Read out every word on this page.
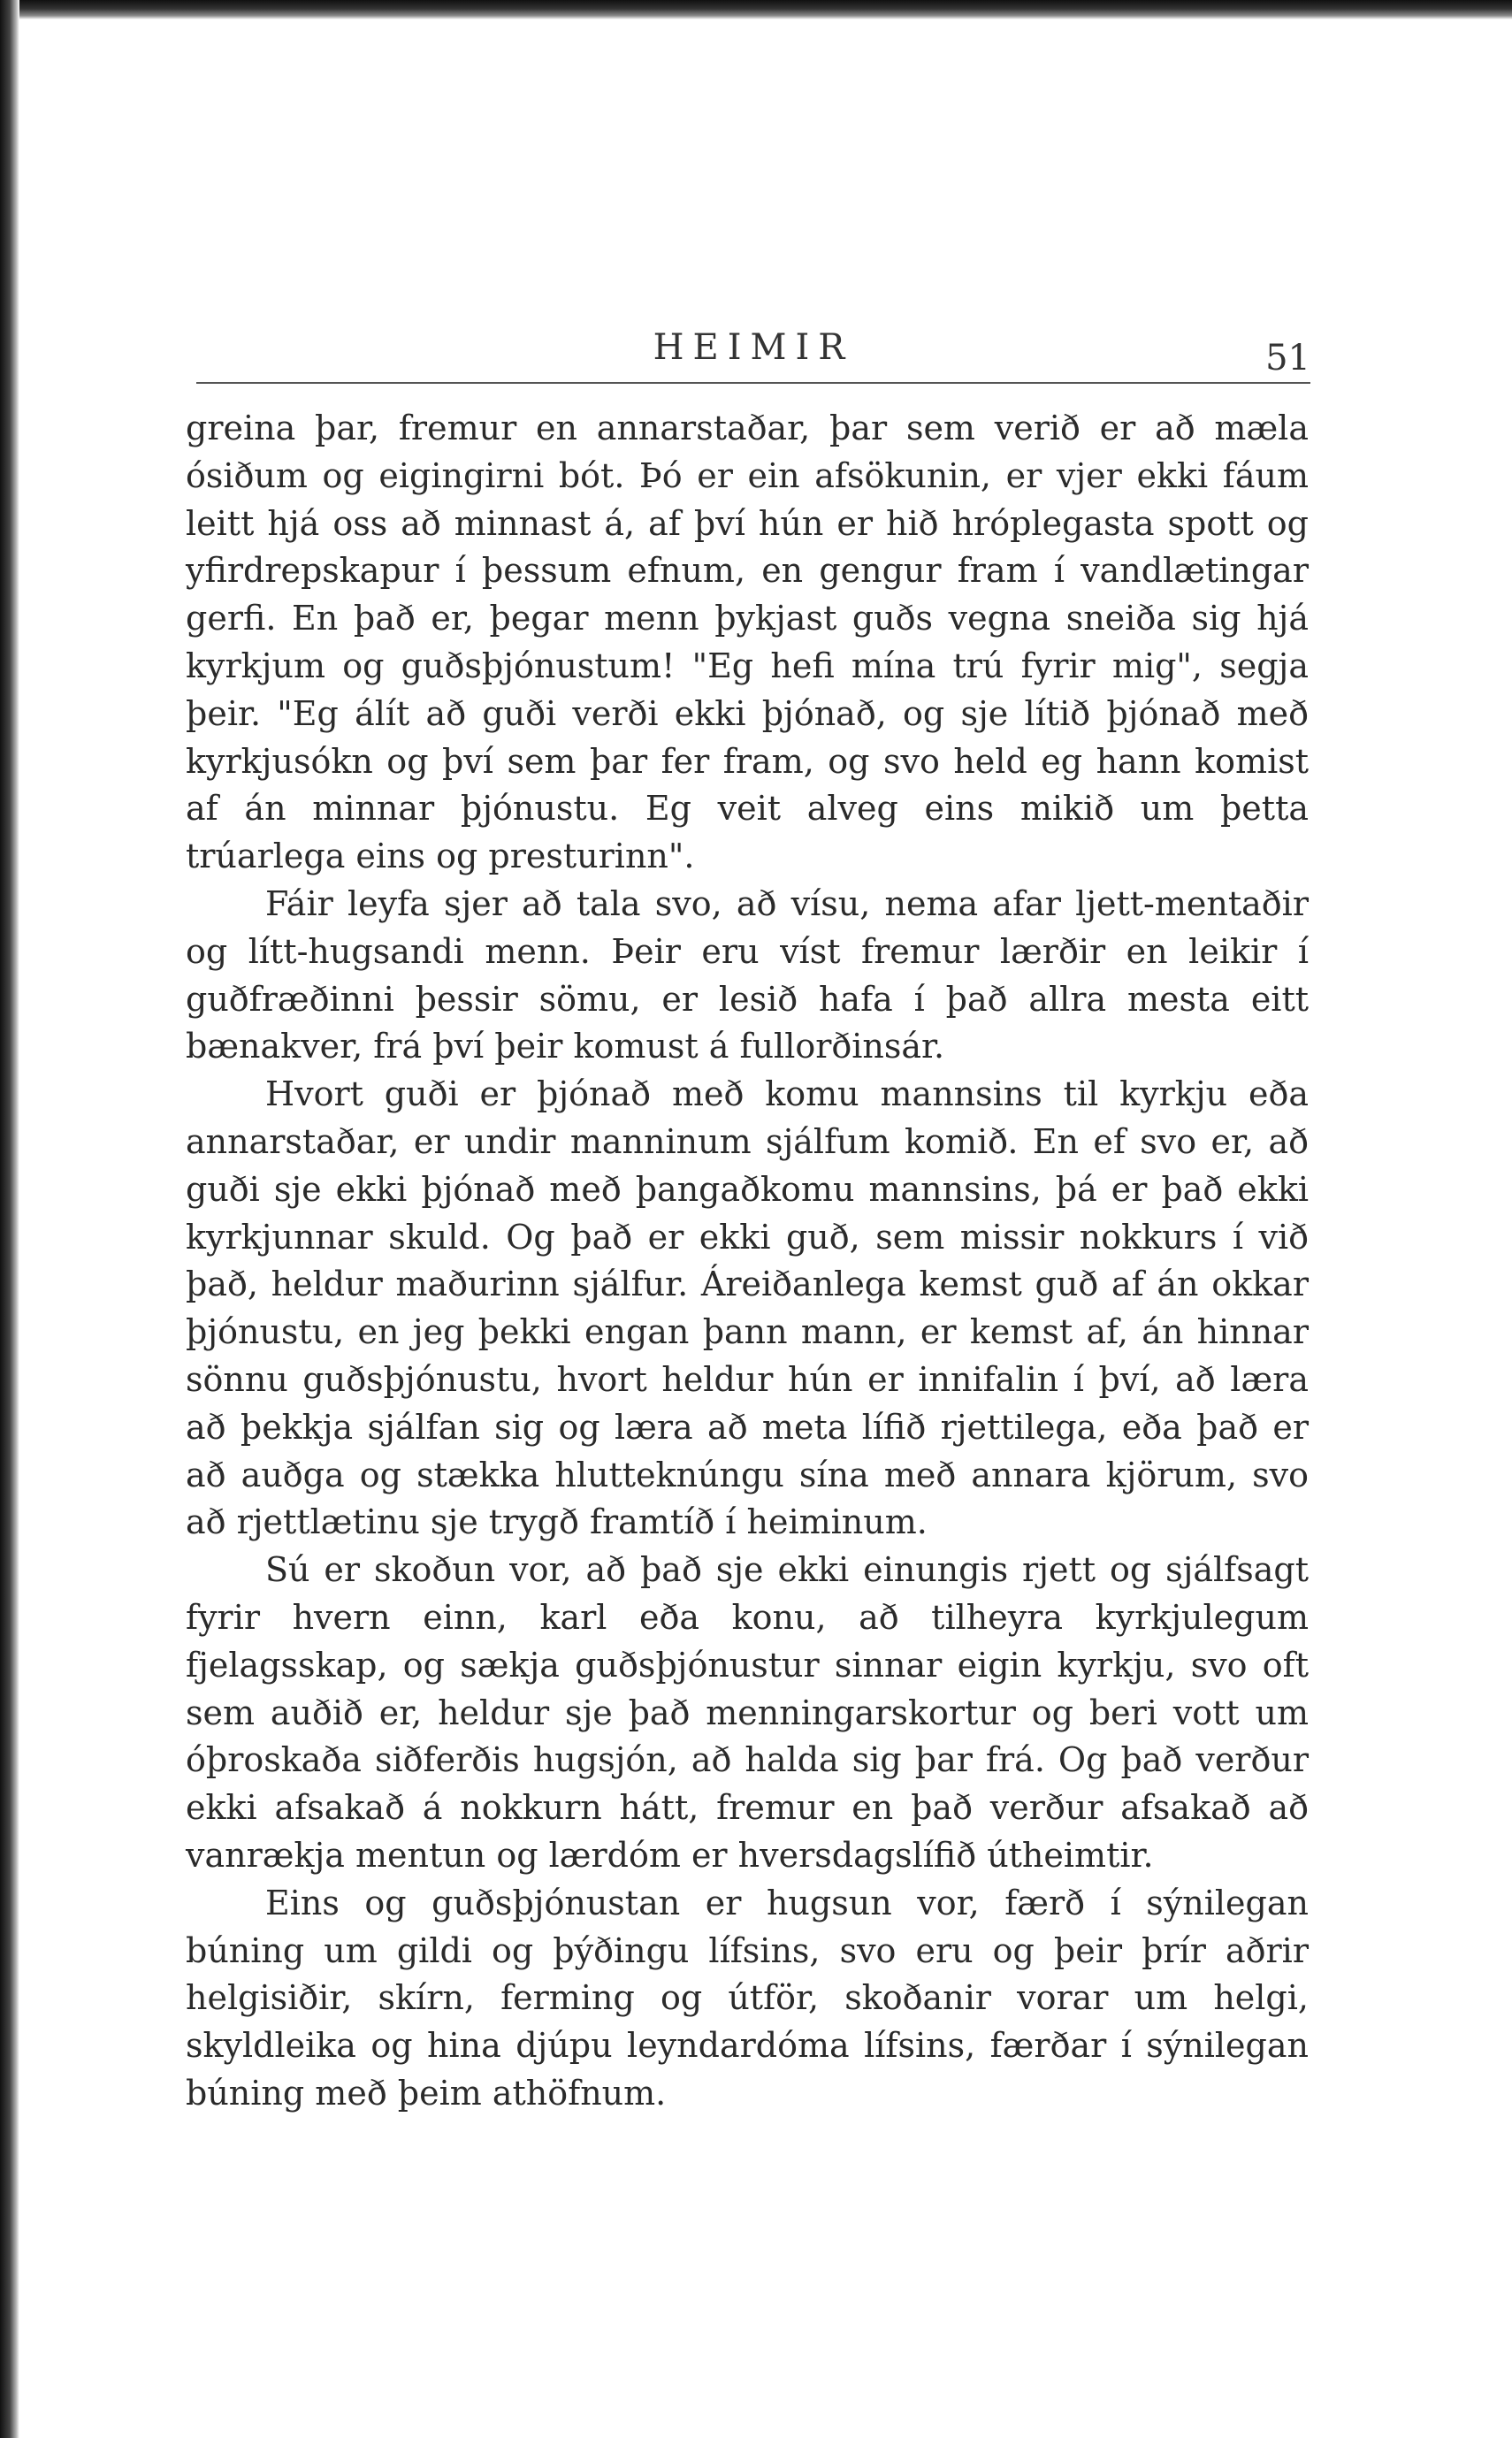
HEIMIR	51

greina þar, fremur en annarstaðar, þar sem verið er að mæla ósiðum og eigingirni bót. Þó er ein afsökunin, er vjer ekki fáum leitt hjá oss að minnast á, af því hún er hið hróplegasta spott og yfirdrepskapur í þessum efnum, en gengur fram í vandlætingar gerfi. En það er, þegar menn þykjast guðs vegna sneiða sig hjá kyrkjum og guðsþjónustum! "Eg hefi mína trú fyrir mig", segja þeir. "Eg álít að guði verði ekki þjónað, og sje lítið þjónað með kyrkjusókn og því sem þar fer fram, og svo held eg hann komist af án minnar þjónustu. Eg veit alveg eins mikið um þetta trúarlega eins og presturinn".

Fáir leyfa sjer að tala svo, að vísu, nema afar ljett-mentaðir og lítt-hugsandi menn. Þeir eru víst fremur lærðir en leikir í guðfræðinni þessir sömu, er lesið hafa í það allra mesta eitt bænakver, frá því þeir komust á fullorðinsár.

Hvort guði er þjónað með komu mannsins til kyrkju eða annarstaðar, er undir manninum sjálfum komið. En ef svo er, að guði sje ekki þjónað með þangaðkomu mannsins, þá er það ekki kyrkjunnar skuld. Og það er ekki guð, sem missir nokkurs í við það, heldur maðurinn sjálfur. Áreiðanlega kemst guð af án okkar þjónustu, en jeg þekki engan þann mann, er kemst af, án hinnar sönnu guðsþjónustu, hvort heldur hún er innifalin í því, að læra að þekkja sjálfan sig og læra að meta lífið rjettilega, eða það er að auðga og stækka hlutteknúngu sína með annara kjörum, svo að rjettlætinu sje trygð framtíð í heiminum.

Sú er skoðun vor, að það sje ekki einungis rjett og sjálfsagt fyrir hvern einn, karl eða konu, að tilheyra kyrkjulegum fjelagsskap, og sækja guðsþjónustur sinnar eigin kyrkju, svo oft sem auðið er, heldur sje það menningarskortur og beri vott um óþroskaða siðferðis hugsjón, að halda sig þar frá. Og það verður ekki afsakað á nokkurn hátt, fremur en það verður afsakað að vanrækja mentun og lærdóm er hversdagslífið útheimtir.

Eins og guðsþjónustan er hugsun vor, færð í sýnilegan búning um gildi og þýðingu lífsins, svo eru og þeir þrír aðrir helgisiðir, skírn, ferming og útför, skoðanir vorar um helgi, skyldleika og hina djúpu leyndardóma lífsins, færðar í sýnilegan búning með þeim athöfnum.
